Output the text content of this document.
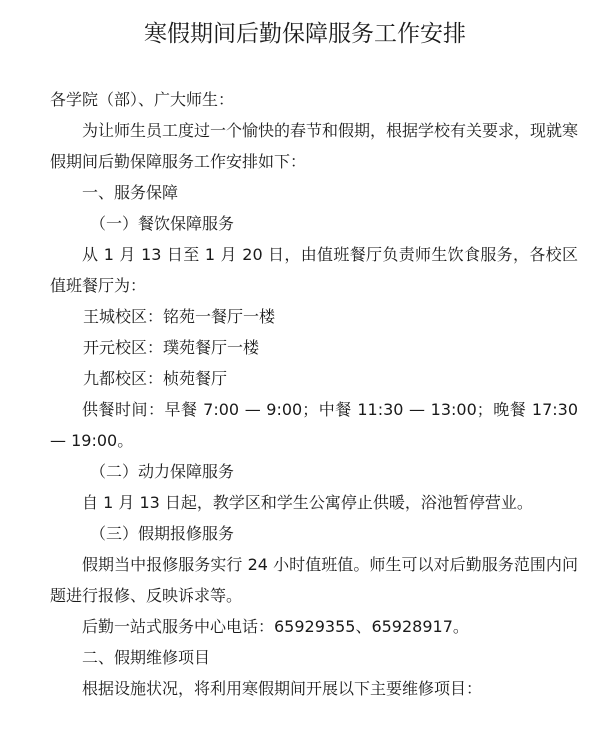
寒假期间后勤保障服务工作安排

各学院（部）、广大师生：

为让师生员工度过一个愉快的春节和假期，根据学校有关要求，现就寒假期间后勤保障服务工作安排如下：

一、服务保障

（一）餐饮保障服务

从 1 月 13 日至 1 月 20 日，由值班餐厅负责师生饮食服务，各校区值班餐厅为：

王城校区：铭苑一餐厅一楼

开元校区：璞苑餐厅一楼

九都校区：桢苑餐厅

供餐时间：早餐 7:00 — 9:00；中餐 11:30 — 13:00；晚餐 17:30 — 19:00。

（二）动力保障服务

自 1 月 13 日起，教学区和学生公寓停止供暖，浴池暂停营业。

（三）假期报修服务

假期当中报修服务实行 24 小时值班值。师生可以对后勤服务范围内问题进行报修、反映诉求等。

后勤一站式服务中心电话：65929355、65928917。

二、假期维修项目

根据设施状况，将利用寒假期间开展以下主要维修项目：
